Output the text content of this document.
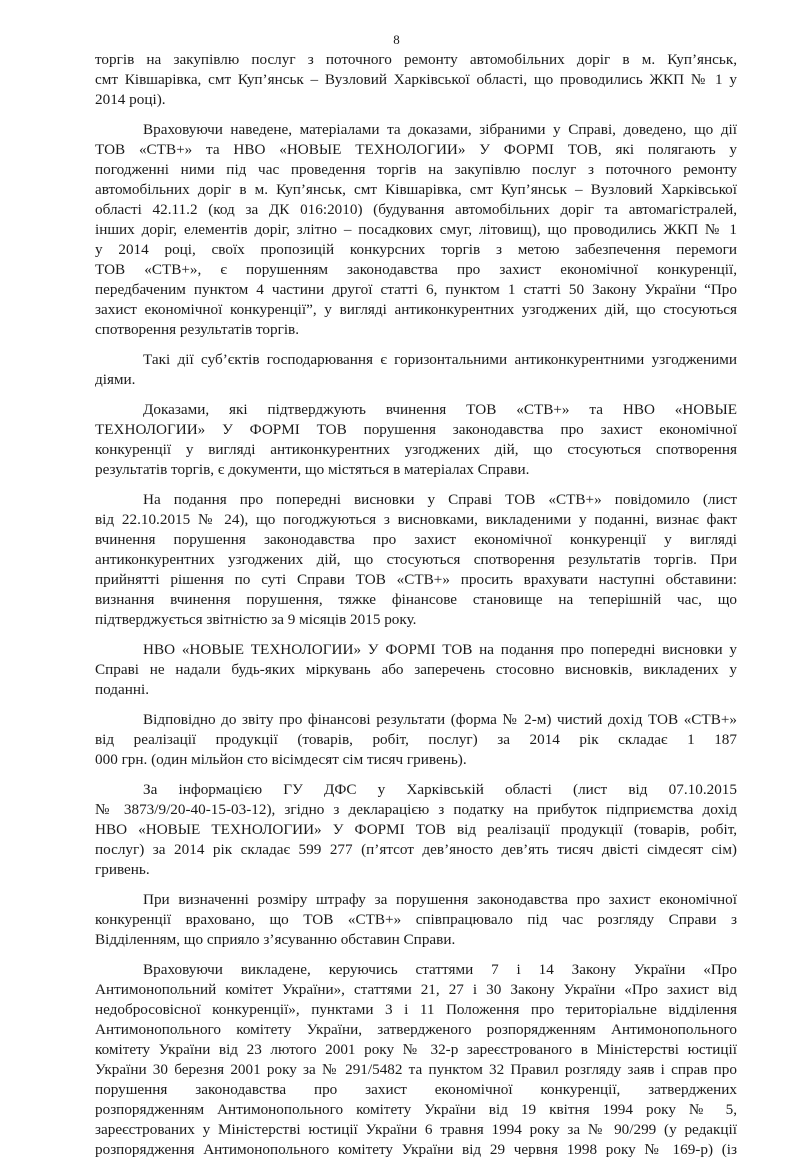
8
торгів на закупівлю послуг з поточного ремонту автомобільних доріг в м. Куп’янськ,
смт Ківшарівка, смт Куп’янськ – Вузловий Харківської області, що проводились ЖКП № 1 у
2014 році).
Враховуючи наведене, матеріалами та доказами, зібраними у Справі, доведено, що дії
ТОВ «СТВ+» та НВО «НОВЫЕ ТЕХНОЛОГИИ» У ФОРМІ ТОВ, які полягають у
погодженні ними під час проведення торгів на закупівлю послуг з поточного ремонту
автомобільних доріг в м. Куп’янськ, смт Ківшарівка, смт Куп’янськ – Вузловий Харківської
області 42.11.2 (код за ДК 016:2010) (будування автомобільних доріг та автомагістралей,
інших доріг, елементів доріг, злітно – посадкових смуг, літовищ), що проводились ЖКП № 1
у 2014 році, своїх пропозицій конкурсних торгів з метою забезпечення перемоги
ТОВ «СТВ+», є порушенням законодавства про захист економічної конкуренції,
передбаченим пунктом 4 частини другої статті 6, пунктом 1 статті 50 Закону України “Про
захист економічної конкуренції”, у вигляді антиконкурентних узгоджених дій, що стосуються
спотворення результатів торгів.
Такі дії суб’єктів господарювання є горизонтальними антиконкурентними узгодженими
діями.
Доказами, які підтверджують вчинення ТОВ «СТВ+» та НВО «НОВЫЕ
ТЕХНОЛОГИИ» У ФОРМІ ТОВ порушення законодавства про захист економічної
конкуренції у вигляді антиконкурентних узгоджених дій, що стосуються спотворення
результатів торгів, є документи, що містяться в матеріалах Справи.
На подання про попередні висновки у Справі ТОВ «СТВ+» повідомило (лист
від 22.10.2015 № 24), що погоджуються з висновками, викладеними у поданні, визнає факт
вчинення порушення законодавства про захист економічної конкуренції у вигляді
антиконкурентних узгоджених дій, що стосуються спотворення результатів торгів. При
прийнятті рішення по суті Справи ТОВ «СТВ+» просить врахувати наступні обставини:
визнання вчинення порушення, тяжке фінансове становище на теперішній час, що
підтверджується звітністю за 9 місяців 2015 року.
НВО «НОВЫЕ ТЕХНОЛОГИИ» У ФОРМІ ТОВ на подання про попередні висновки у
Справі не надали будь-яких міркувань або заперечень стосовно висновків, викладених у
поданні.
Відповідно до звіту про фінансові результати (форма № 2-м) чистий дохід ТОВ «СТВ+»
від реалізації продукції (товарів, робіт, послуг) за 2014 рік складає 1 187
000 грн. (один мільйон сто вісімдесят сім тисяч гривень).
За інформацією ГУ ДФС у Харківській області (лист від 07.10.2015
№ 3873/9/20-40-15-03-12), згідно з декларацією з податку на прибуток підприємства дохід
НВО «НОВЫЕ ТЕХНОЛОГИИ» У ФОРМІ ТОВ від реалізації продукції (товарів, робіт,
послуг) за 2014 рік складає 599 277 (п’ятсот дев’яносто дев’ять тисяч двісті сімдесят сім)
гривень.
При визначенні розміру штрафу за порушення законодавства про захист економічної
конкуренції враховано, що ТОВ «СТВ+» співпрацювало під час розгляду Справи з
Відділенням, що сприяло з’ясуванню обставин Справи.
Враховуючи викладене, керуючись статтями 7 і 14 Закону України «Про
Антимонопольний комітет України», статтями 21, 27 і 30 Закону України «Про захист від
недобросовісної конкуренції», пунктами 3 і 11 Положення про територіальне відділення
Антимонопольного комітету України, затвердженого розпорядженням Антимонопольного
комітету України від 23 лютого 2001 року № 32-р зареєстрованого в Міністерстві юстиції
України 30 березня 2001 року за № 291/5482 та пунктом 32 Правил розгляду заяв і справ про
порушення законодавства про захист економічної конкуренції, затверджених
розпорядженням Антимонопольного комітету України від 19 квітня 1994 року № 5,
зареєстрованих у Міністерстві юстиції України 6 травня 1994 року за № 90/299 (у редакції
розпорядження Антимонопольного комітету України від 29 червня 1998 року № 169-р) (із
